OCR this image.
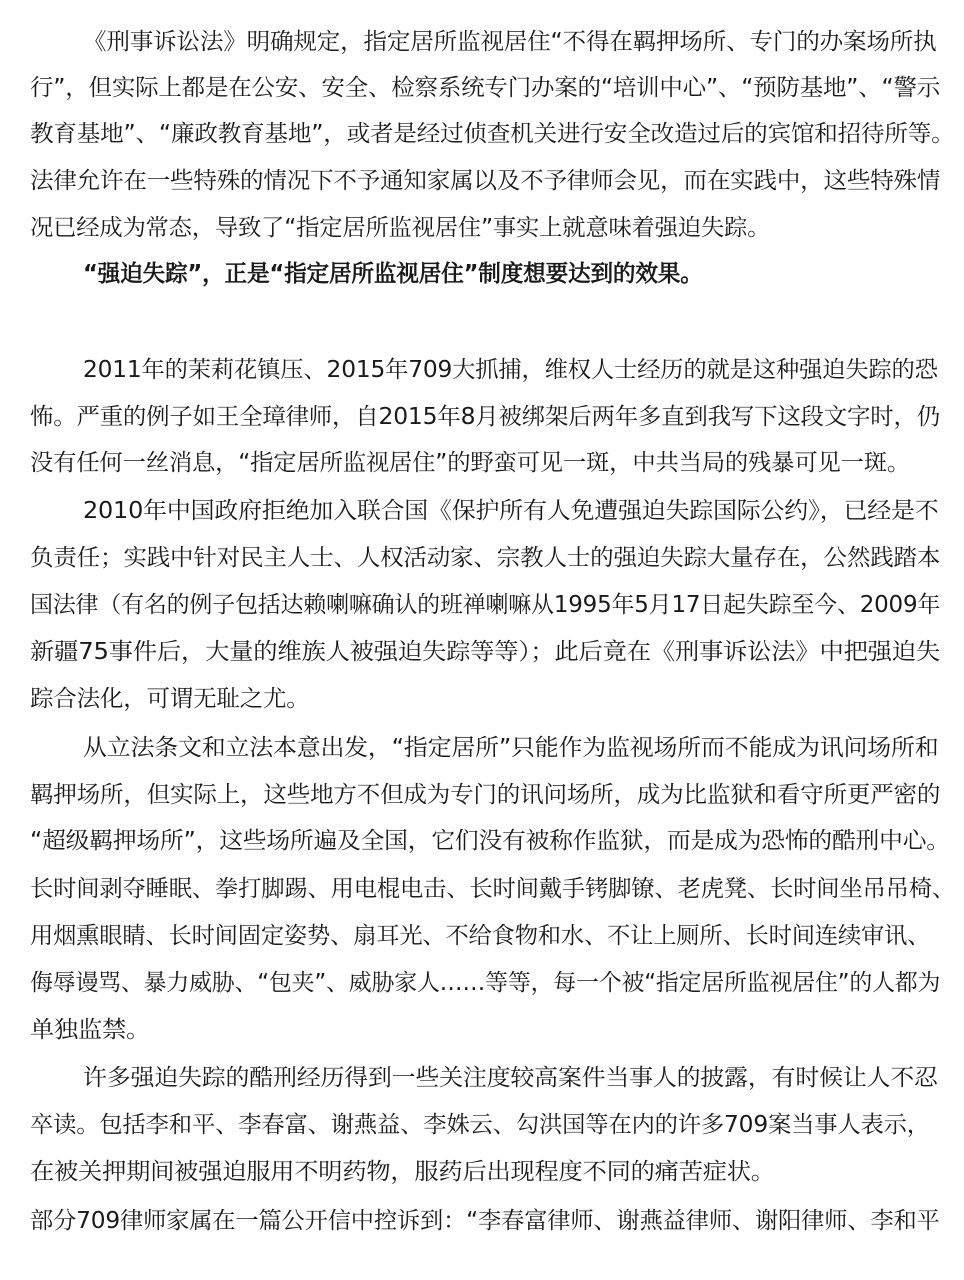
《刑事诉讼法》明确规定，指定居所监视居住“不得在羁押场所、专门的办案场所执
行”，但实际上都是在公安、安全、检察系统专门办案的“培训中心”、“预防基地”、“警示
教育基地”、“廉政教育基地”，或者是经过侦查机关进行安全改造过后的宾馆和招待所等。
法律允许在一些特殊的情况下不予通知家属以及不予律师会见，而在实践中，这些特殊情
况已经成为常态，导致了“指定居所监视居住”事实上就意味着强迫失踪。
“强迫失踪”，正是“指定居所监视居住”制度想要达到的效果。
2011年的茉莉花镇压、2015年709大抓捕，维权人士经历的就是这种强迫失踪的恐
怖。严重的例子如王全璋律师，自2015年8月被绑架后两年多直到我写下这段文字时，仍
没有任何一丝消息，“指定居所监视居住”的野蛮可见一斑，中共当局的残暴可见一斑。
2010年中国政府拒绝加入联合国《保护所有人免遭强迫失踪国际公约》，已经是不
负责任；实践中针对民主人士、人权活动家、宗教人士的强迫失踪大量存在，公然践踏本
国法律（有名的例子包括达赖喇嘛确认的班禅喇嘛从1995年5月17日起失踪至今、2009年
新疆75事件后，大量的维族人被强迫失踪等等）；此后竟在《刑事诉讼法》中把强迫失
踪合法化，可谓无耻之尤。
从立法条文和立法本意出发，“指定居所”只能作为监视场所而不能成为讯问场所和
羁押场所，但实际上，这些地方不但成为专门的讯问场所，成为比监狱和看守所更严密的
“超级羁押场所”，这些场所遍及全国，它们没有被称作监狱，而是成为恐怖的酷刑中心。
长时间剥夺睡眠、拳打脚踢、用电棍电击、长时间戴手铐脚镣、老虎凳、长时间坐吊吊椅、
用烟熏眼睛、长时间固定姿势、扇耳光、不给食物和水、不让上厕所、长时间连续审讯、
侮辱谩骂、暴力威胁、“包夹”、威胁家人……等等，每一个被“指定居所监视居住”的人都为
单独监禁。
许多强迫失踪的酷刑经历得到一些关注度较高案件当事人的披露，有时候让人不忍
卒读。包括李和平、李春富、谢燕益、李姝云、勾洪国等在内的许多709案当事人表示，
在被关押期间被强迫服用不明药物，服药后出现程度不同的痛苦症状。
部分709律师家属在一篇公开信中控诉到：“李春富律师、谢燕益律师、谢阳律师、李和平
